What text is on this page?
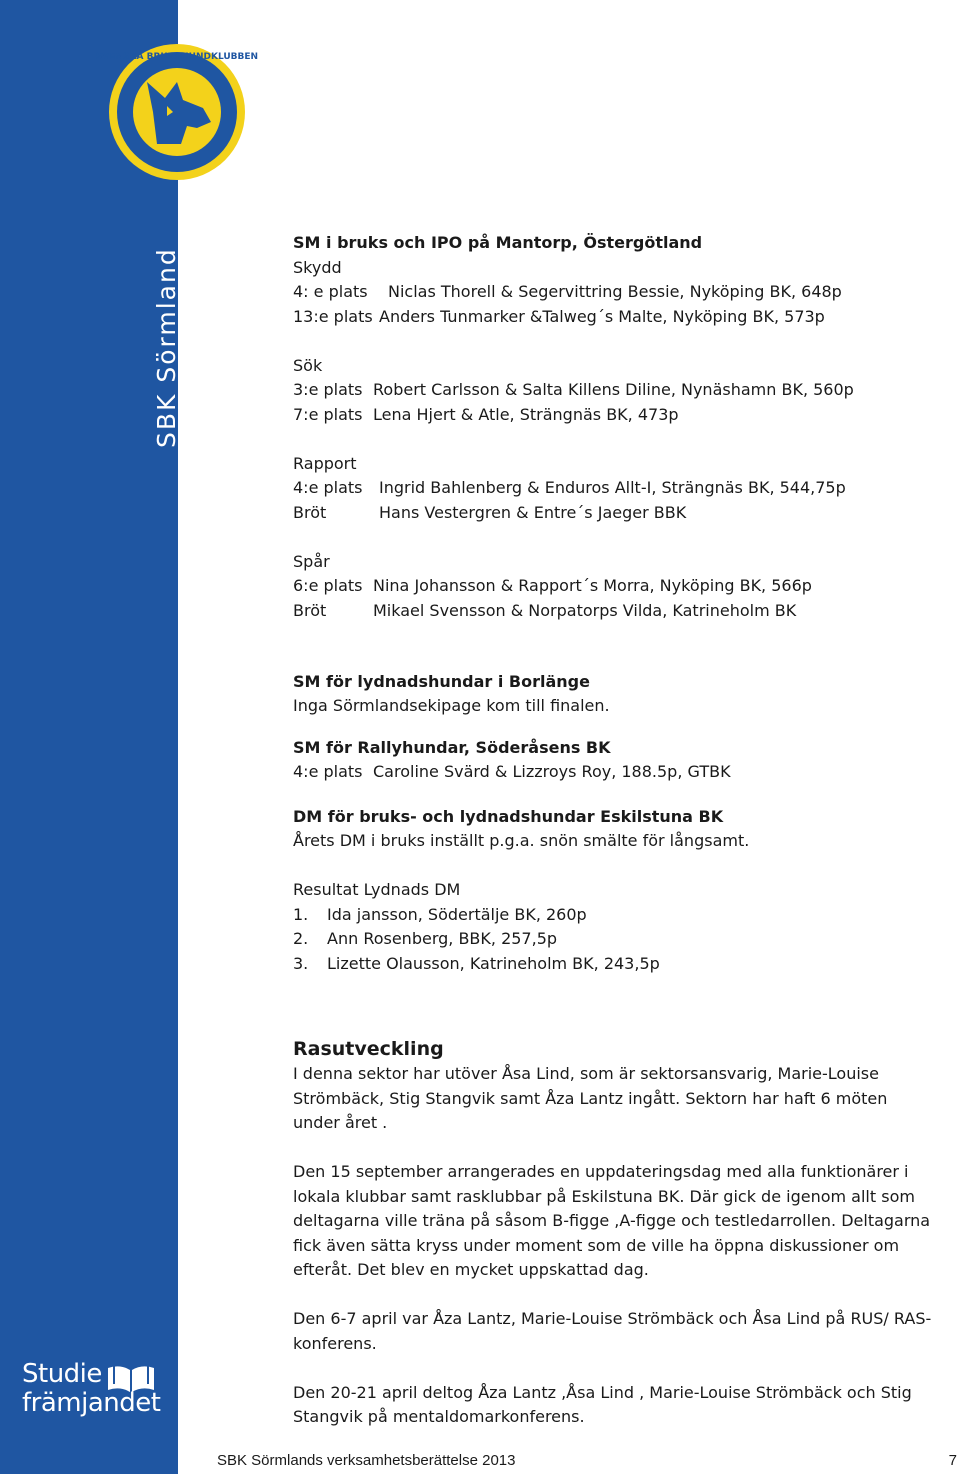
SVENSKA BRUKSHUNDKLUBBEN
SBK Sörmland
Studie
främjandet
SM i bruks och IPO på Mantorp, Östergötland
Skydd
4: e plats Niclas Thorell & Segervittring Bessie, Nyköping BK, 648p
13:e plats Anders Tunmarker &Talweg´s Malte, Nyköping BK, 573p
Sök
3:e plats Robert Carlsson & Salta Killens Diline, Nynäshamn BK, 560p
7:e plats Lena Hjert & Atle, Strängnäs BK, 473p
Rapport
4:e plats Ingrid Bahlenberg & Enduros Allt-I, Strängnäs BK, 544,75p
Bröt	Hans Vestergren & Entre´s Jaeger BBK
Spår
6:e plats Nina Johansson & Rapport´s Morra, Nyköping BK, 566p
Bröt	Mikael Svensson & Norpatorps Vilda, Katrineholm BK
SM för lydnadshundar i Borlänge
Inga Sörmlandsekipage kom till finalen.
SM för Rallyhundar, Söderåsens BK
4:e plats Caroline Svärd & Lizzroys Roy, 188.5p, GTBK
DM för bruks- och lydnadshundar Eskilstuna BK
Årets DM i bruks inställt p.g.a. snön smälte för långsamt.
Resultat Lydnads DM
1. Ida jansson, Södertälje BK, 260p
2. Ann Rosenberg, BBK, 257,5p
3. Lizette Olausson, Katrineholm BK, 243,5p
Rasutveckling
I denna sektor har utöver Åsa Lind, som är sektorsansvarig, Marie-Louise Strömbäck, Stig Stangvik samt Åza Lantz ingått. Sektorn har haft 6 möten under året .
Den 15 september arrangerades en uppdateringsdag med alla funktionärer i lokala klubbar samt rasklubbar på Eskilstuna BK. Där gick de igenom allt som deltagarna ville träna på såsom B-figge ,A-figge och testledarrollen. Deltagarna fick även sätta kryss under moment som de ville ha öppna diskussioner om efteråt. Det blev en mycket uppskattad dag.
Den 6-7 april var Åza Lantz, Marie-Louise Strömbäck och Åsa Lind på RUS/ RAS-konferens.
Den 20-21 april deltog Åza Lantz ,Åsa Lind , Marie-Louise Strömbäck och Stig Stangvik på mentaldomarkonferens.
SBK Sörmlands verksamhetsberättelse 2013	7
